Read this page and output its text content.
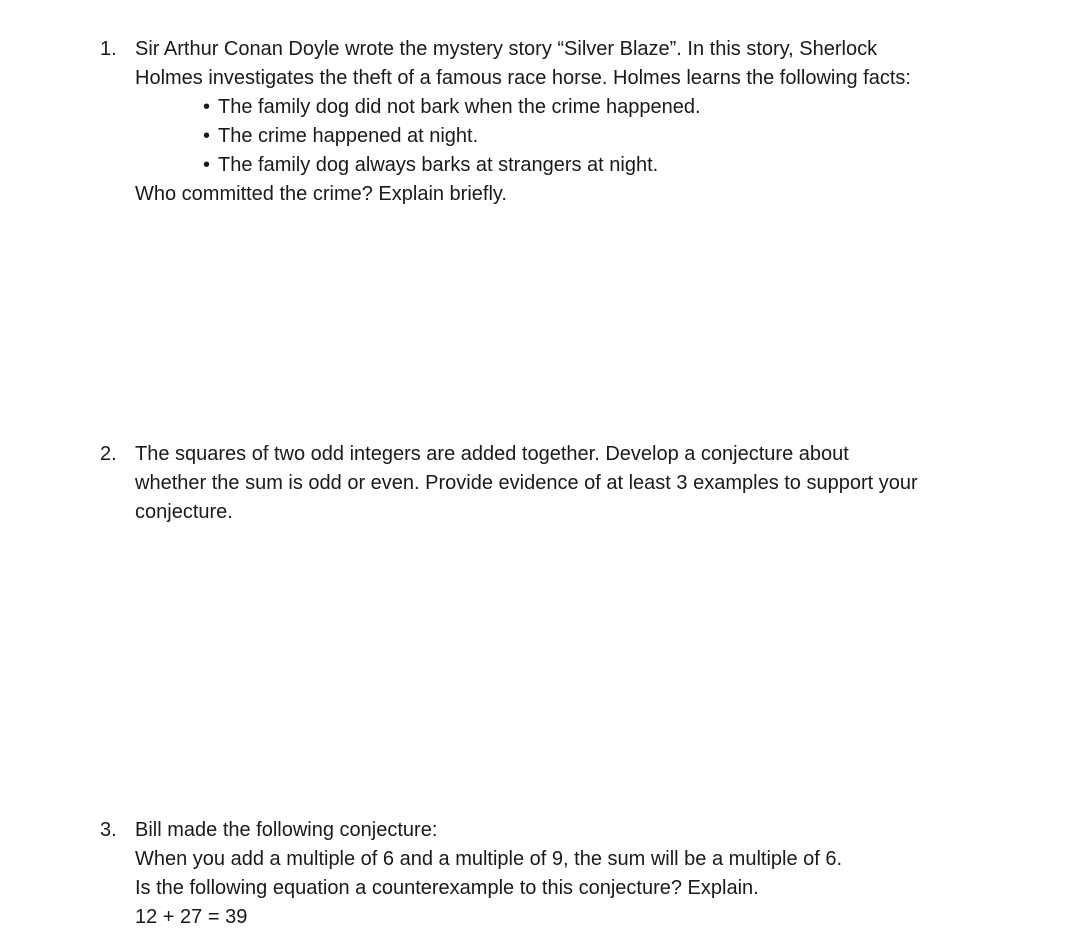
1. Sir Arthur Conan Doyle wrote the mystery story “Silver Blaze”. In this story, Sherlock
Holmes investigates the theft of a famous race horse. Holmes learns the following facts:
• The family dog did not bark when the crime happened.
• The crime happened at night.
• The family dog always barks at strangers at night.
Who committed the crime? Explain briefly.
2. The squares of two odd integers are added together. Develop a conjecture about
whether the sum is odd or even. Provide evidence of at least 3 examples to support your
conjecture.
3. Bill made the following conjecture:
When you add a multiple of 6 and a multiple of 9, the sum will be a multiple of 6.
Is the following equation a counterexample to this conjecture? Explain.
12 + 27 = 39
